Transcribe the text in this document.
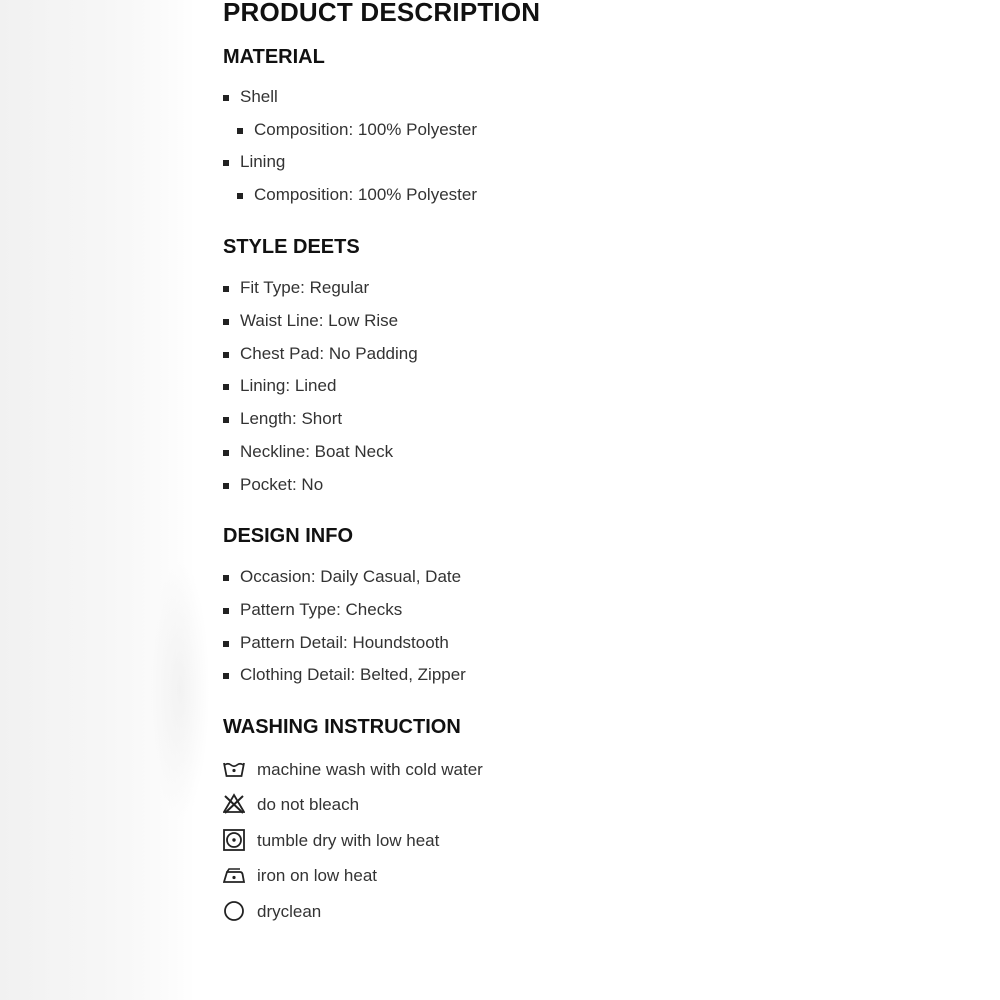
PRODUCT DESCRIPTION
MATERIAL
Shell
Composition: 100% Polyester
Lining
Composition: 100% Polyester
STYLE DEETS
Fit Type: Regular
Waist Line: Low Rise
Chest Pad: No Padding
Lining: Lined
Length: Short
Neckline: Boat Neck
Pocket: No
DESIGN INFO
Occasion: Daily Casual, Date
Pattern Type: Checks
Pattern Detail: Houndstooth
Clothing Detail: Belted, Zipper
WASHING INSTRUCTION
machine wash with cold water
do not bleach
tumble dry with low heat
iron on low heat
dryclean
